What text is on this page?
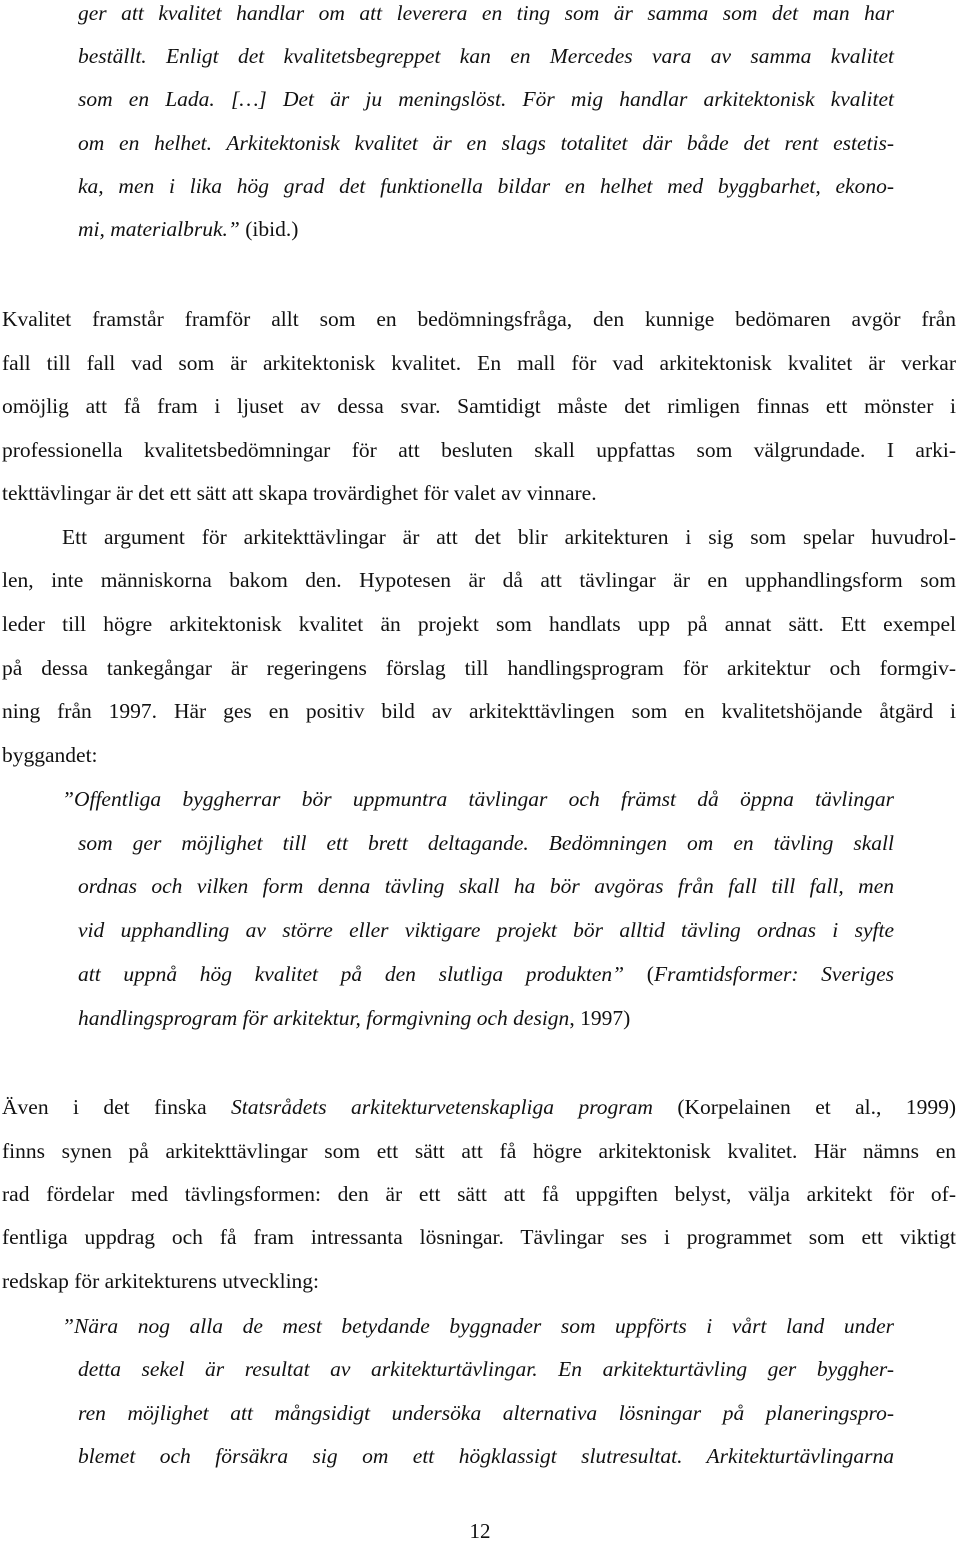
ger att kvalitet handlar om att leverera en ting som är samma som det man har
beställt. Enligt det kvalitetsbegreppet kan en Mercedes vara av samma kvalitet
som en Lada. […] Det är ju meningslöst. För mig handlar arkitektonisk kvalitet
om en helhet. Arkitektonisk kvalitet är en slags totalitet där både det rent estetis-
ka, men i lika hög grad det funktionella bildar en helhet med byggbarhet, ekono-
mi, materialbruk.” (ibid.)
Kvalitet framstår framför allt som en bedömningsfråga, den kunnige bedömaren avgör från
fall till fall vad som är arkitektonisk kvalitet. En mall för vad arkitektonisk kvalitet är verkar
omöjlig att få fram i ljuset av dessa svar. Samtidigt måste det rimligen finnas ett mönster i
professionella kvalitetsbedömningar för att besluten skall uppfattas som välgrundade. I arki-
tekttävlingar är det ett sätt att skapa trovärdighet för valet av vinnare.
Ett argument för arkitekttävlingar är att det blir arkitekturen i sig som spelar huvudrol-
len, inte människorna bakom den. Hypotesen är då att tävlingar är en upphandlingsform som
leder till högre arkitektonisk kvalitet än projekt som handlats upp på annat sätt. Ett exempel
på dessa tankegångar är regeringens förslag till handlingsprogram för arkitektur och formgiv-
ning från 1997. Här ges en positiv bild av arkitekttävlingen som en kvalitetshöjande åtgärd i
byggandet:
”Offentliga byggherrar bör uppmuntra tävlingar och främst då öppna tävlingar
som ger möjlighet till ett brett deltagande. Bedömningen om en tävling skall
ordnas och vilken form denna tävling skall ha bör avgöras från fall till fall, men
vid upphandling av större eller viktigare projekt bör alltid tävling ordnas i syfte
att uppnå hög kvalitet på den slutliga produkten” (Framtidsformer: Sveriges
handlingsprogram för arkitektur, formgivning och design, 1997)
Även i det finska Statsrådets arkitekturvetenskapliga program (Korpelainen et al., 1999)
finns synen på arkitekttävlingar som ett sätt att få högre arkitektonisk kvalitet. Här nämns en
rad fördelar med tävlingsformen: den är ett sätt att få uppgiften belyst, välja arkitekt för of-
fentliga uppdrag och få fram intressanta lösningar. Tävlingar ses i programmet som ett viktigt
redskap för arkitekturens utveckling:
”Nära nog alla de mest betydande byggnader som uppförts i vårt land under
detta sekel är resultat av arkitekturtävlingar. En arkitekturtävling ger byggher-
ren möjlighet att mångsidigt undersöka alternativa lösningar på planeringspro-
blemet och försäkra sig om ett högklassigt slutresultat. Arkitekturtävlingarna
12
